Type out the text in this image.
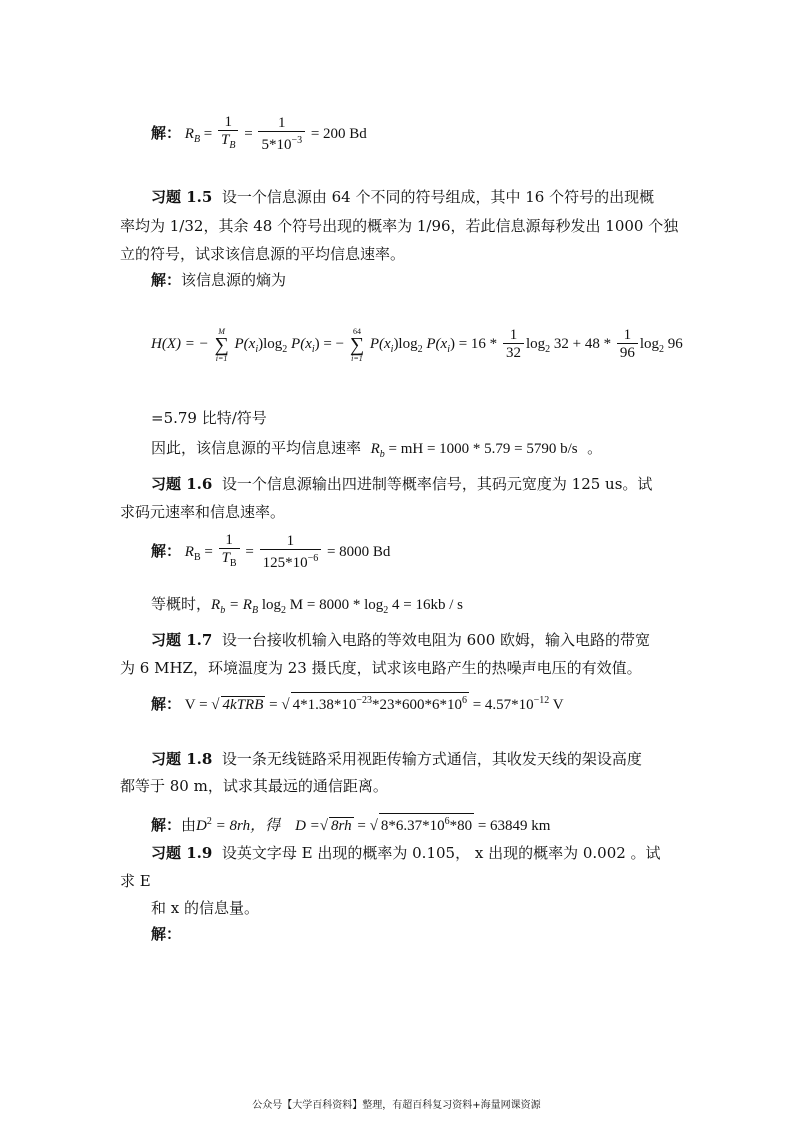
解： $R_B = \frac{1}{T_B} = \frac{1}{5*10^{-3}} = 200$ Bd
习题 1.5 设一个信息源由 64 个不同的符号组成，其中 16 个符号的出现概
率均为 1/32，其余 48 个符号出现的概率为 1/96，若此信息源每秒发出 1000 个独
立的符号，试求该信息源的平均信息速率。
解：该信息源的熵为
H(X) = −
M
∑
i=1
$P(x_i)\log_2$ $P(x_i)$ = −
64
∑
i=1
$P(x_i)\log_2$ $P(x_i) = 16 * \frac{1}{32} \log_2 32 + 48 * \frac{1}{96} \log_2 96$
=5.79 比特/符号
因此，该信息源的平均信息速率 $R_b$ = mH = 1000 * 5.79 = 5790 b/s 。
习题 1.6 设一个信息源输出四进制等概率信号，其码元宽度为 125 us。试
求码元速率和信息速率。
解： $R_B = \frac{1}{T_B} = \frac{1}{125*10^{-6}} = 8000$ Bd
等概时，$R_b = R_B$ $\log_2 M = 8000 * \log_2 4 = 16kb / s$
习题 1.7 设一台接收机输入电路的等效电阻为 600 欧姆，输入电路的带宽
为 6 MHZ，环境温度为 23 摄氏度，试求该电路产生的热噪声电压的有效值。
解： V = √ 4kTRB = √ $4*1.38*10^{-23}*23*600*6*10^6 = 4.57*10^{-12}$ V
习题 1.8 设一条无线链路采用视距传输方式通信，其收发天线的架设高度
都等于 80 m，试求其最远的通信距离。
解：由$D^2 = 8rh$，得 D =√ 8rh = √ $8*6.37*10^6*80 = 63849$ km
习题 1.9 设英文字母 E 出现的概率为 0.105， x 出现的概率为 0.002 。试
求 E
和 x 的信息量。
解：
公众号【大学百科资料】整理，有超百科复习资料+海量网课资源
